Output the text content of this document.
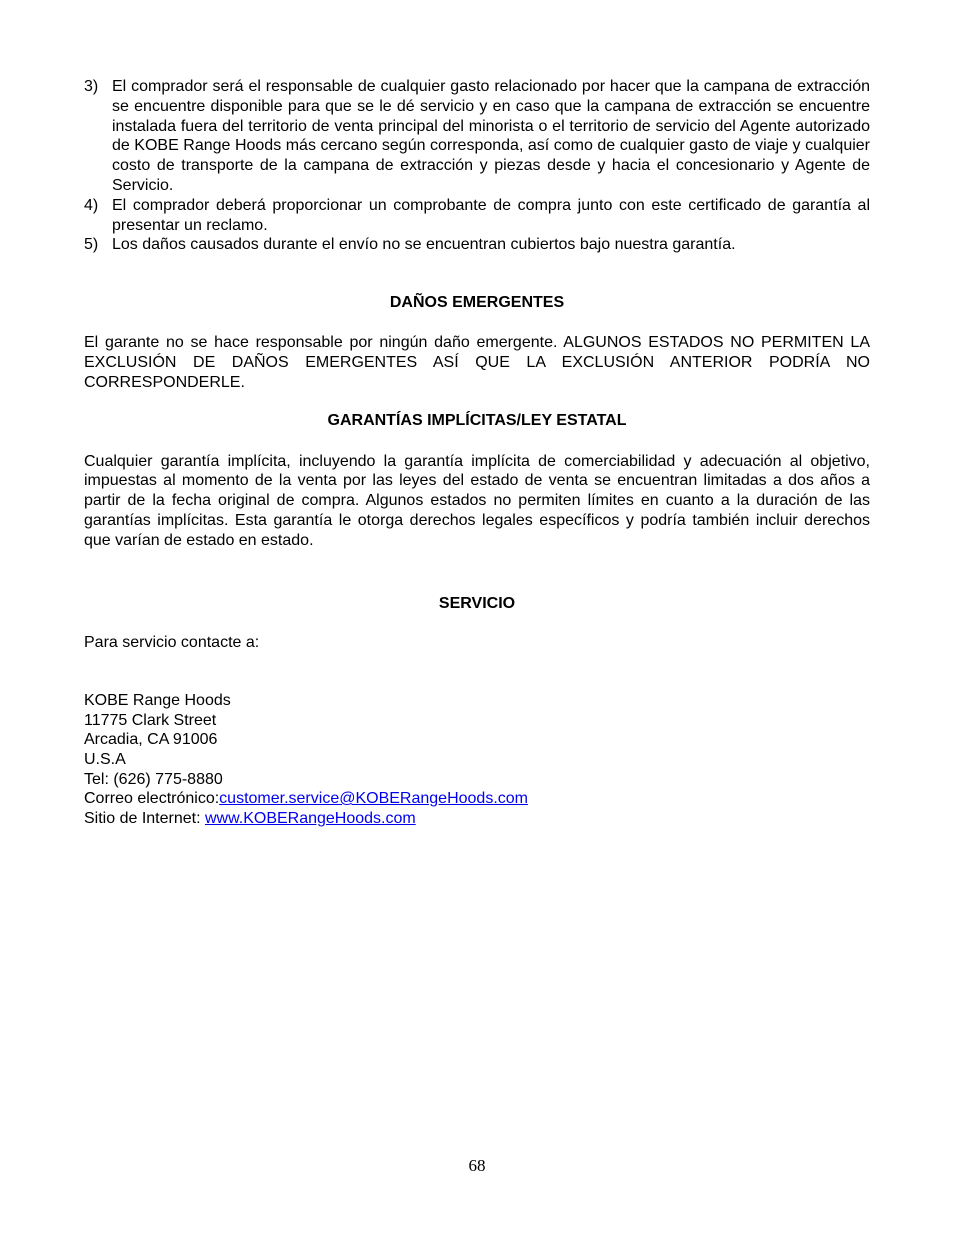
3) El comprador será el responsable de cualquier gasto relacionado por hacer que la campana de extracción se encuentre disponible para que se le dé servicio y en caso que la campana de extracción se encuentre instalada fuera del territorio de venta principal del minorista o el territorio de servicio del Agente autorizado de KOBE Range Hoods más cercano según corresponda, así como de cualquier gasto de viaje y cualquier costo de transporte de la campana de extracción y piezas desde y hacia el concesionario y Agente de Servicio.
4) El comprador deberá proporcionar un comprobante de compra junto con este certificado de garantía al presentar un reclamo.
5) Los daños causados durante el envío no se encuentran cubiertos bajo nuestra garantía.
DAÑOS EMERGENTES

El garante no se hace responsable por ningún daño emergente. ALGUNOS ESTADOS NO PERMITEN LA EXCLUSIÓN DE DAÑOS EMERGENTES ASÍ QUE LA EXCLUSIÓN ANTERIOR PODRÍA NO CORRESPONDERLE.

GARANTÍAS IMPLÍCITAS/LEY ESTATAL

Cualquier garantía implícita, incluyendo la garantía implícita de comerciabilidad y adecuación al objetivo, impuestas al momento de la venta por las leyes del estado de venta se encuentran limitadas a dos años a partir de la fecha original de compra. Algunos estados no permiten límites en cuanto a la duración de las garantías implícitas. Esta garantía le otorga derechos legales específicos y podría también incluir derechos que varían de estado en estado.

SERVICIO

Para servicio contacte a:

KOBE Range Hoods

11775 Clark Street

Arcadia, CA 91006

U.S.A

Tel: (626) 775-8880

Correo electrónico:customer.service@KOBERangeHoods.com

Sitio de Internet: www.KOBERangeHoods.com

68
